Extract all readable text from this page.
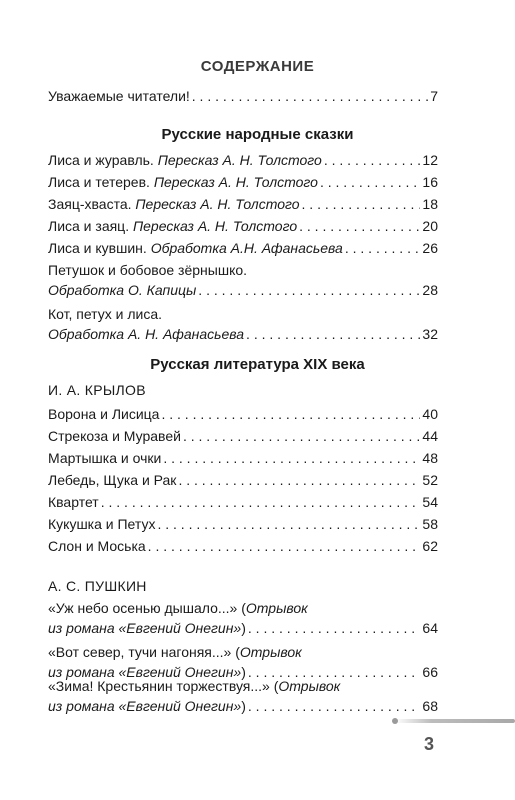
СОДЕРЖАНИЕ
Уважаемые читатели! . . .	7
Русские народные сказки
Лиса и журавль. Пересказ А. Н. Толстого . . .	12
Лиса и тетерев. Пересказ А. Н. Толстого . . .	16
Заяц-хваста. Пересказ А. Н. Толстого . . .	18
Лиса и заяц. Пересказ А. Н. Толстого . . .	20
Лиса и кувшин. Обработка А.Н. Афанасьева . . .	26
Петушок и бобовое зёрнышко.
Обработка О. Капицы . . .	28
Кот, петух и лиса.
Обработка А. Н. Афанасьева . . .	32
Русская литература XIX века
И. А. КРЫЛОВ
Ворона и Лисица . . .	40
Стрекоза и Муравей . . .	44
Мартышка и очки . . .	48
Лебедь, Щука и Рак . . .	52
Квартет . . .	54
Кукушка и Петух . . .	58
Слон и Моська . . .	62
А. С. ПУШКИН
«Уж небо осенью дышало...» (Отрывок
из романа «Евгений Онегин») . . .	64
«Вот север, тучи нагоняя...» (Отрывок
из романа «Евгений Онегин») . . .	66
«Зима! Крестьянин торжествуя...» (Отрывок
из романа «Евгений Онегин») . . .	68
3
